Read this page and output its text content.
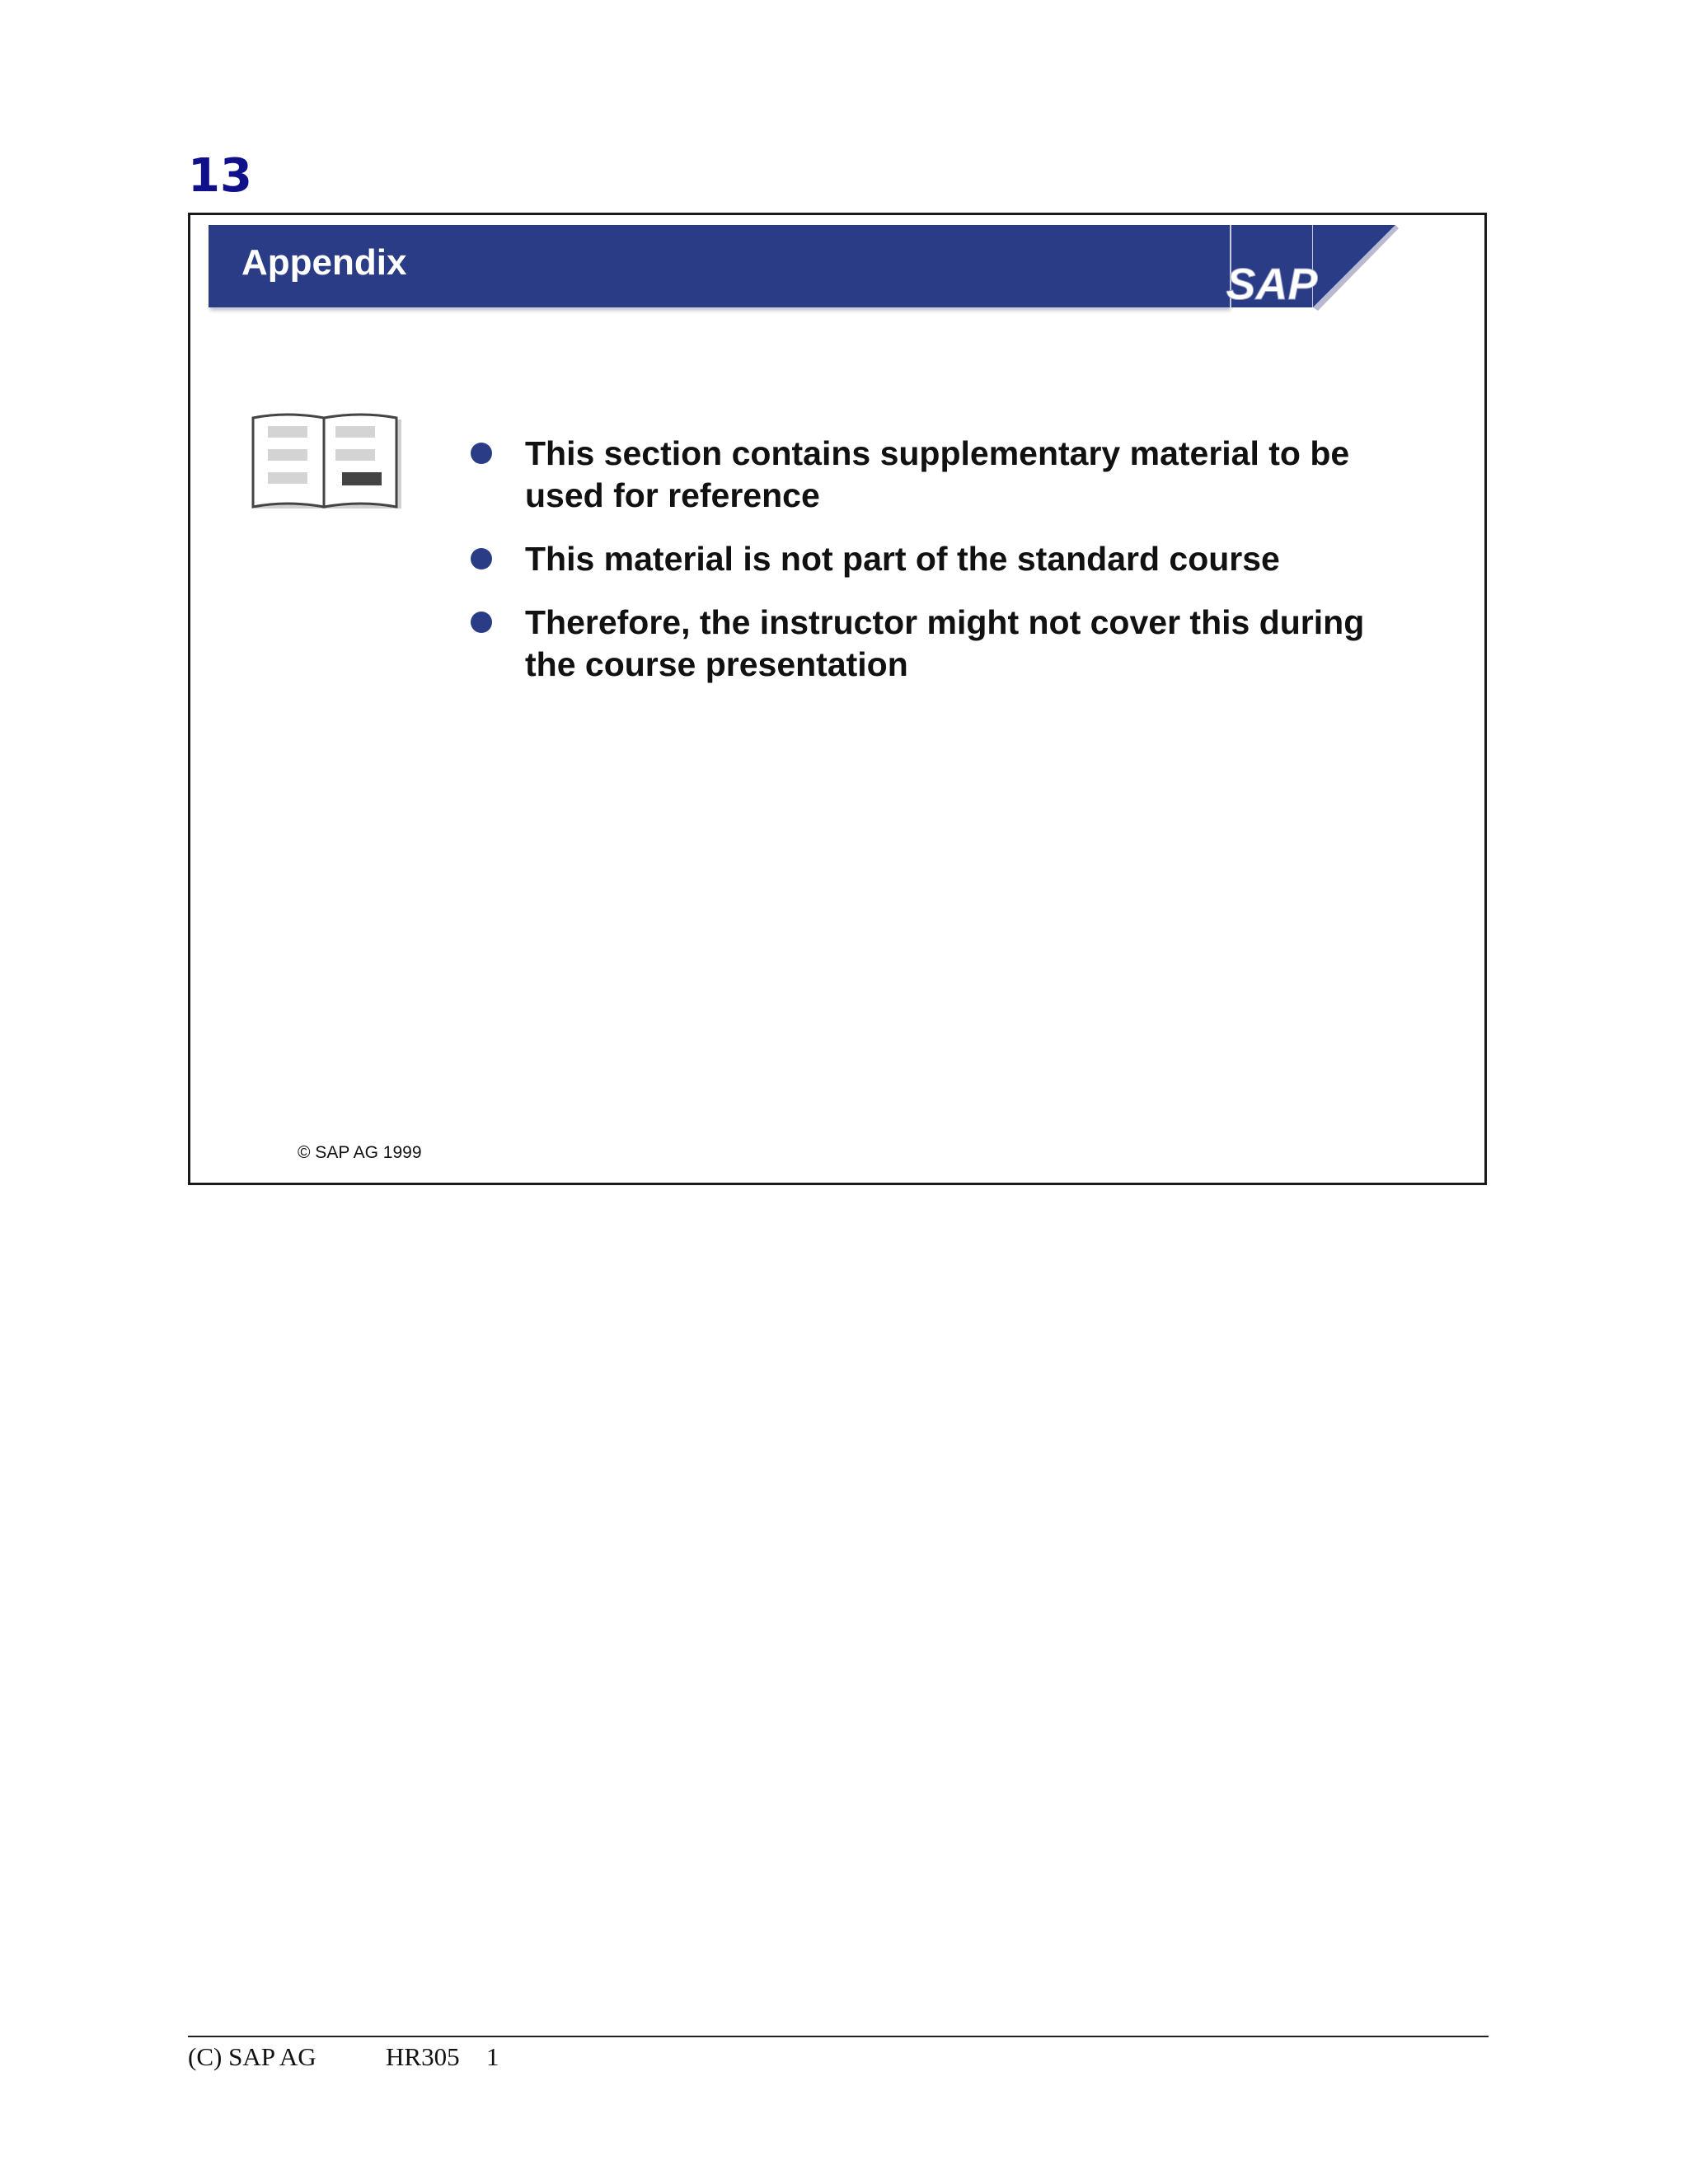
13
Appendix	SAP
This section contains supplementary material to be used for reference
This material is not part of the standard course
Therefore, the instructor might not cover this during the course presentation
© SAP AG 1999
(C) SAP AG	HR305 1
